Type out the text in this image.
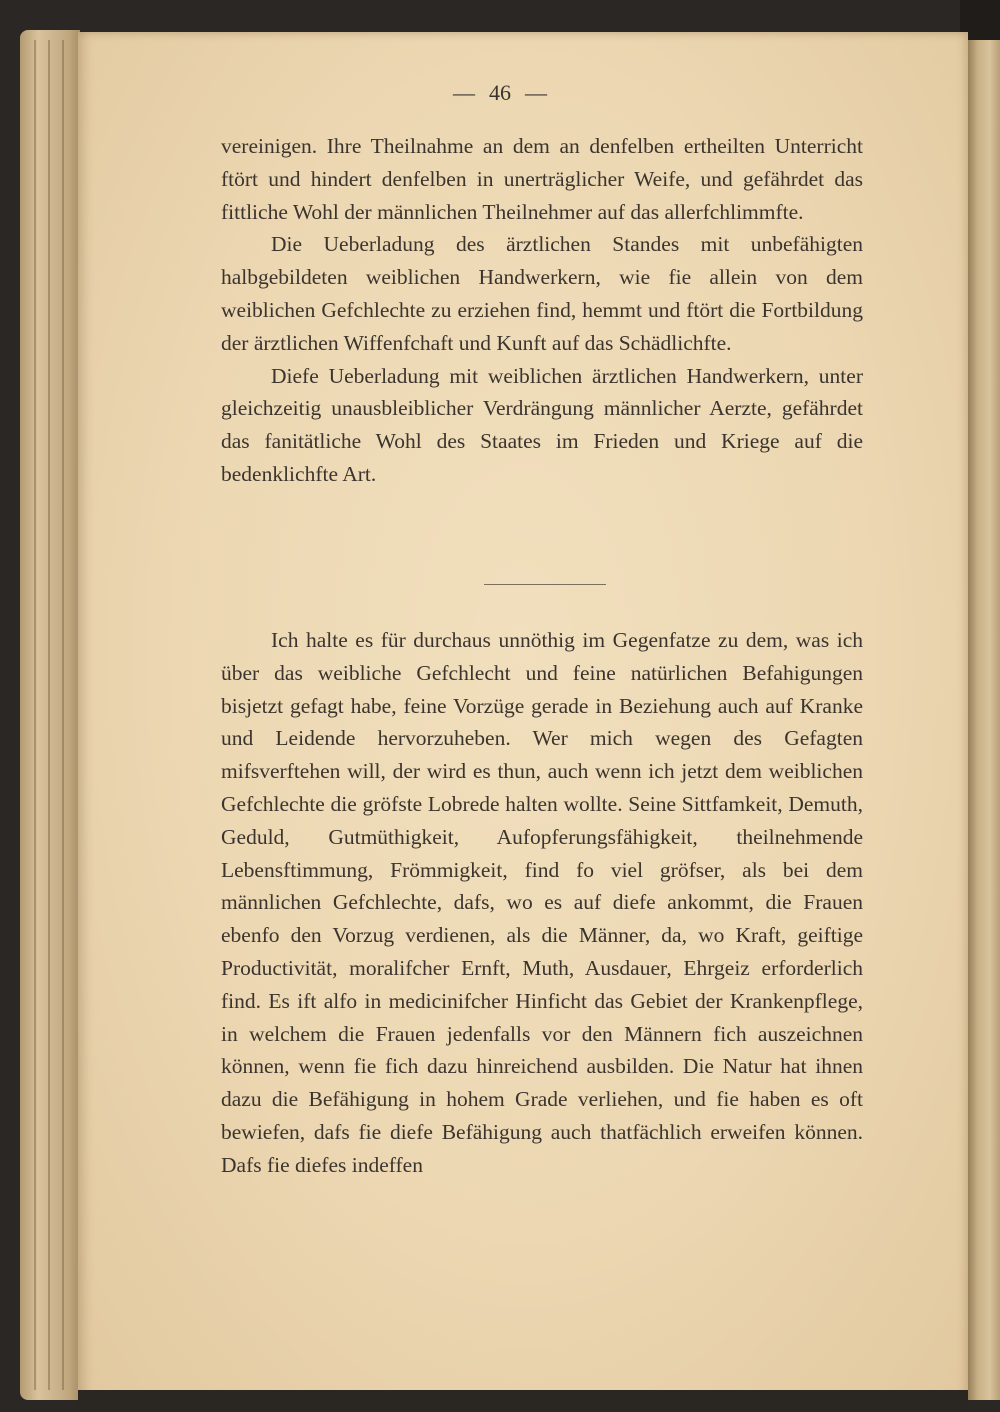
— 46 —

vereinigen. Ihre Theilnahme an dem an denfelben ertheilten Unterricht ftört und hindert denfelben in unerträglicher Weife, und gefährdet das fittliche Wohl der männlichen Theilnehmer auf das allerfchlimmfte.

Die Ueberladung des ärztlichen Standes mit unbefähigten halbgebildeten weiblichen Handwerkern, wie fie allein von dem weiblichen Gefchlechte zu erziehen find, hemmt und ftört die Fortbildung der ärztlichen Wiffenfchaft und Kunft auf das Schädlichfte.

Diefe Ueberladung mit weiblichen ärztlichen Handwerkern, unter gleichzeitig unausbleiblicher Verdrängung männlicher Aerzte, gefährdet das fanitätliche Wohl des Staates im Frieden und Kriege auf die bedenklichfte Art.

Ich halte es für durchaus unnöthig im Gegenfatze zu dem, was ich über das weibliche Gefchlecht und feine natürlichen Befahigungen bisjetzt gefagt habe, feine Vorzüge gerade in Beziehung auch auf Kranke und Leidende hervorzuheben. Wer mich wegen des Gefagten mifsverftehen will, der wird es thun, auch wenn ich jetzt dem weiblichen Gefchlechte die gröfste Lobrede halten wollte. Seine Sittfamkeit, Demuth, Geduld, Gutmüthigkeit, Aufopferungsfähigkeit, theilnehmende Lebensftimmung, Frömmigkeit, find fo viel gröfser, als bei dem männlichen Gefchlechte, dafs, wo es auf diefe ankommt, die Frauen ebenfo den Vorzug verdienen, als die Männer, da, wo Kraft, geiftige Productivität, moralifcher Ernft, Muth, Ausdauer, Ehrgeiz erforderlich find. Es ift alfo in medicinifcher Hinficht das Gebiet der Krankenpflege, in welchem die Frauen jedenfalls vor den Männern fich auszeichnen können, wenn fie fich dazu hinreichend ausbilden. Die Natur hat ihnen dazu die Befähigung in hohem Grade verliehen, und fie haben es oft bewiefen, dafs fie diefe Befähigung auch thatfächlich erweifen können. Dafs fie diefes indeffen
